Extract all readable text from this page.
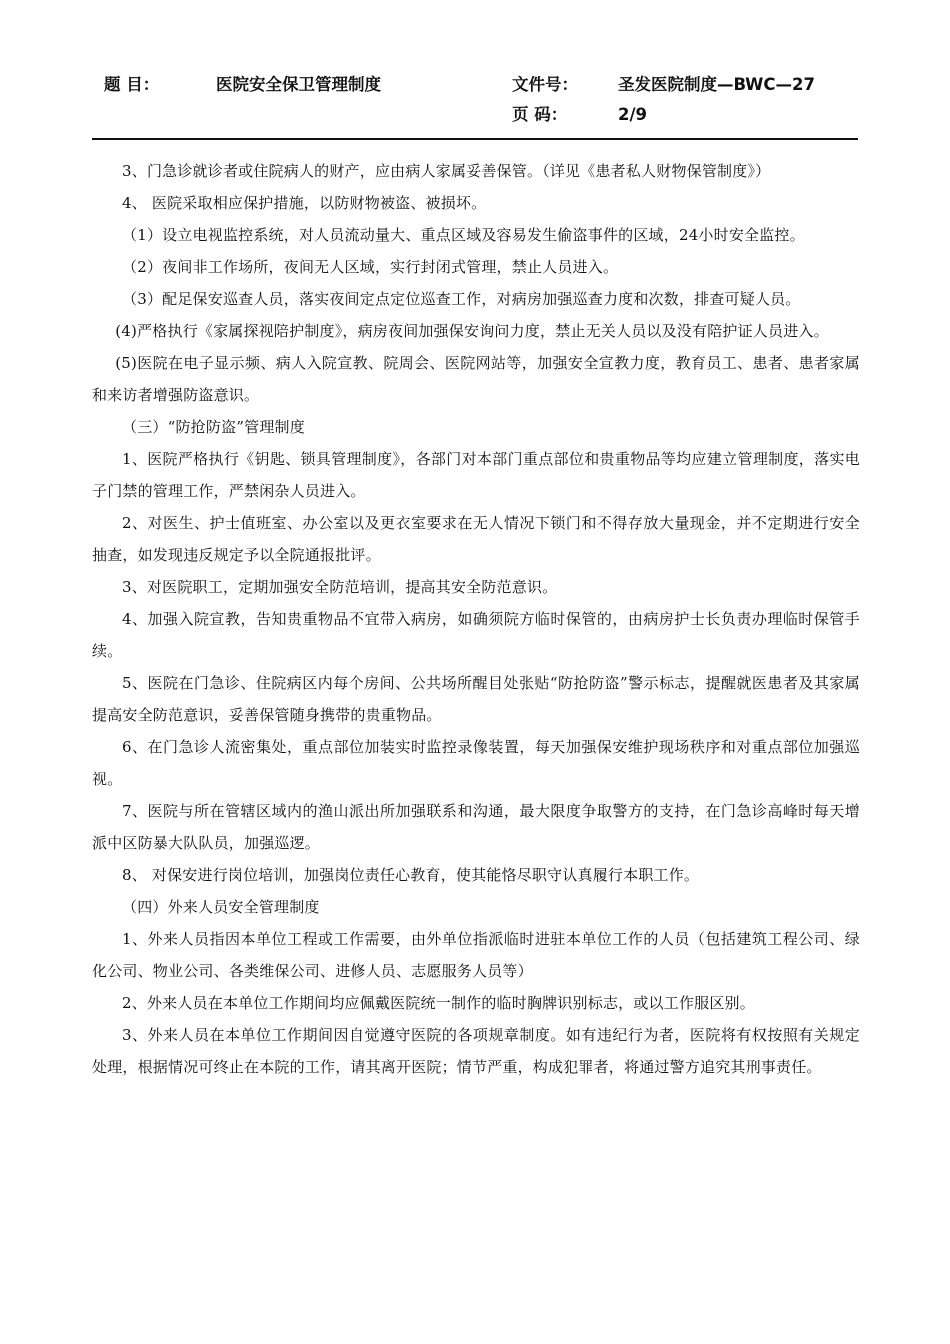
题 目：	医院安全保卫管理制度	文件号： 圣发医院制度—BWC—27
页 码：	2/9

3、门急诊就诊者或住院病人的财产，应由病人家属妥善保管。（详见《患者私人财物保管制度》）

4、 医院采取相应保护措施，以防财物被盗、被损坏。

（1）设立电视监控系统，对人员流动量大、重点区域及容易发生偷盗事件的区域，24小时安全监控。

（2）夜间非工作场所，夜间无人区域，实行封闭式管理，禁止人员进入。

（3）配足保安巡查人员，落实夜间定点定位巡查工作，对病房加强巡查力度和次数，排查可疑人员。

(4)严格执行《家属探视陪护制度》，病房夜间加强保安询问力度，禁止无关人员以及没有陪护证人员进入。

(5)医院在电子显示频、病人入院宣教、院周会、医院网站等，加强安全宣教力度，教育员工、患者、患者家属和来访者增强防盗意识。

（三）“防抢防盗”管理制度

1、医院严格执行《钥匙、锁具管理制度》，各部门对本部门重点部位和贵重物品等均应建立管理制度，落实电子门禁的管理工作，严禁闲杂人员进入。

2、对医生、护士值班室、办公室以及更衣室要求在无人情况下锁门和不得存放大量现金，并不定期进行安全抽查，如发现违反规定予以全院通报批评。

3、对医院职工，定期加强安全防范培训，提高其安全防范意识。

4、加强入院宣教，告知贵重物品不宜带入病房，如确须院方临时保管的，由病房护士长负责办理临时保管手续。

5、医院在门急诊、住院病区内每个房间、公共场所醒目处张贴“防抢防盗”警示标志，提醒就医患者及其家属提高安全防范意识，妥善保管随身携带的贵重物品。

6、在门急诊人流密集处，重点部位加装实时监控录像装置，每天加强保安维护现场秩序和对重点部位加强巡视。

7、医院与所在管辖区域内的渔山派出所加强联系和沟通，最大限度争取警方的支持，在门急诊高峰时每天增派中区防暴大队队员，加强巡逻。

8、 对保安进行岗位培训，加强岗位责任心教育，使其能恪尽职守认真履行本职工作。

（四）外来人员安全管理制度

1、外来人员指因本单位工程或工作需要，由外单位指派临时进驻本单位工作的人员（包括建筑工程公司、绿化公司、物业公司、各类维保公司、进修人员、志愿服务人员等）

2、外来人员在本单位工作期间均应佩戴医院统一制作的临时胸牌识别标志，或以工作服区别。

3、外来人员在本单位工作期间因自觉遵守医院的各项规章制度。如有违纪行为者，医院将有权按照有关规定处理，根据情况可终止在本院的工作，请其离开医院；情节严重，构成犯罪者，将通过警方追究其刑事责任。
